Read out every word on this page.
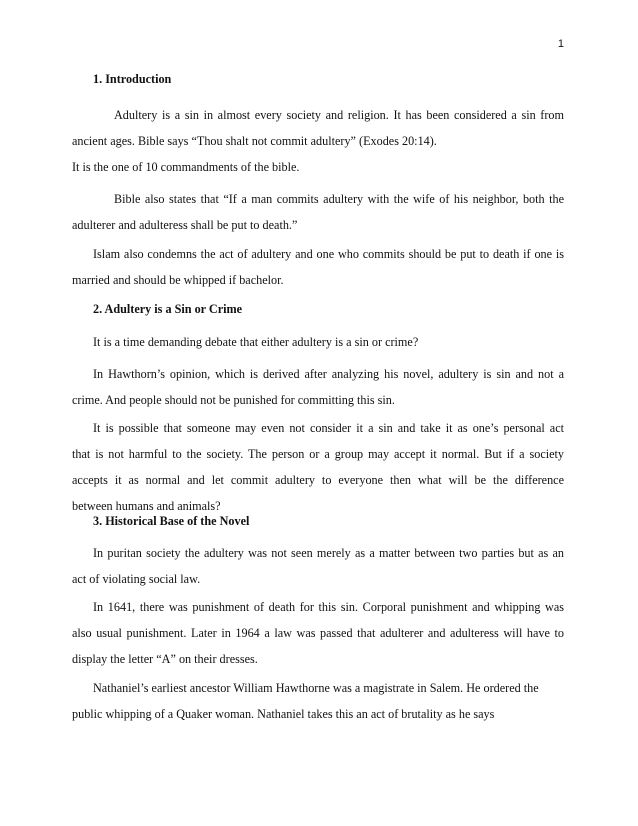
1
1. Introduction
Adultery is a sin in almost every society and religion. It has been considered a sin from
ancient ages. Bible says “Thou shalt not commit adultery” (Exodes 20:14).
It is the one of 10 commandments of the bible.
Bible also states that “If a man commits adultery with the wife of his neighbor, both the
adulterer and adulteress shall be put to death.”
Islam also condemns the act of adultery and one who commits should be put to death if one is
married and should be whipped if bachelor.
2. Adultery is a Sin or Crime
It is a time demanding debate that either adultery is a sin or crime?
In Hawthorn’s opinion, which is derived after analyzing his novel, adultery is sin and not a
crime. And people should not be punished for committing this sin.
It is possible that someone may even not consider it a sin and take it as one’s personal act
that is not harmful to the society. The person or a group may accept it normal. But if a society
accepts it as normal and let commit adultery to everyone then what will be the difference
between humans and animals?
3. Historical Base of the Novel
In puritan society the adultery was not seen merely as a matter between two parties but as an
act of violating social law.
In 1641, there was punishment of death for this sin. Corporal punishment and whipping was
also usual punishment. Later in 1964 a law was passed that adulterer and adulteress will have to
display the letter “A” on their dresses.
Nathaniel’s earliest ancestor William Hawthorne was a magistrate in Salem. He ordered the
public whipping of a Quaker woman. Nathaniel takes this an act of brutality as he says
